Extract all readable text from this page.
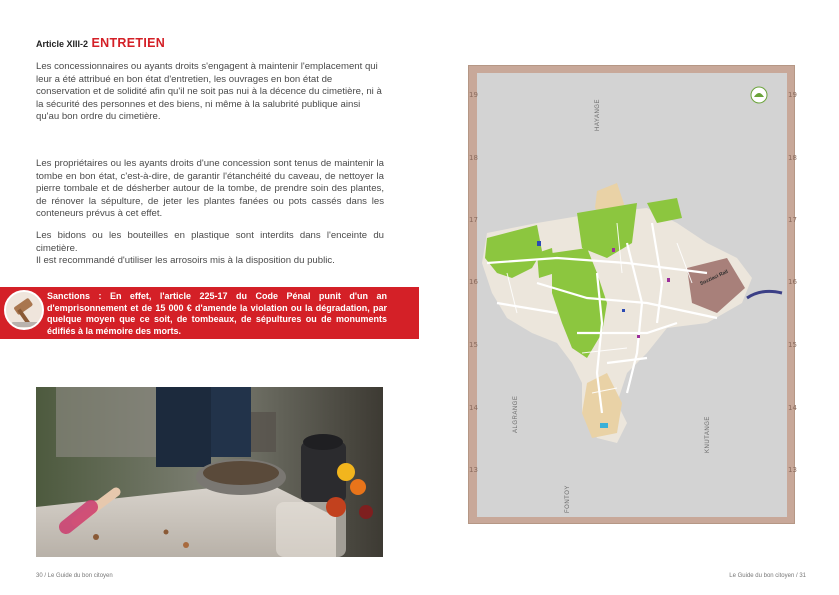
Article XIII-2 ENTRETIEN

Les concessionnaires ou ayants droits s'engagent à maintenir l'emplacement qui leur a été attribué en bon état d'entretien, les ouvrages en bon état de conservation et de solidité afin qu'il ne soit pas nui à la décence du cimetière, ni à la sécurité des personnes et des biens, ni même à la salubrité publique ainsi qu'au bon ordre du cimetière.

Les propriétaires ou les ayants droits d'une concession sont tenus de maintenir la tombe en bon état, c'est-à-dire, de garantir l'étanchéité du caveau, de nettoyer la pierre tombale et de désherber autour de la tombe, de prendre soin des plantes, de rénover la sépulture, de jeter les plantes fanées ou pots cassés dans les conteneurs prévus à cet effet.

Les bidons ou les bouteilles en plastique sont interdits dans l'enceinte du cimetière.

Il est recommandé d'utiliser les arrosoirs mis à la disposition du public.

Sanctions : En effet, l'article 225-17 du Code Pénal punit d'un an d'emprisonnement et de 15 000 € d'amende la violation ou la dégradation, par quelque moyen que ce soit, de tombeaux, de sépultures ou de monuments édifiés à la mémoire des morts.

30 / Le Guide du bon citoyen
HAYANGE
ALGRANGE
KNUTANGE
FONTOY
Sozziaci Rail
19
18
17
16
15
14
13
19
18
17
16
15
14
13
Le Guide du bon citoyen / 31
